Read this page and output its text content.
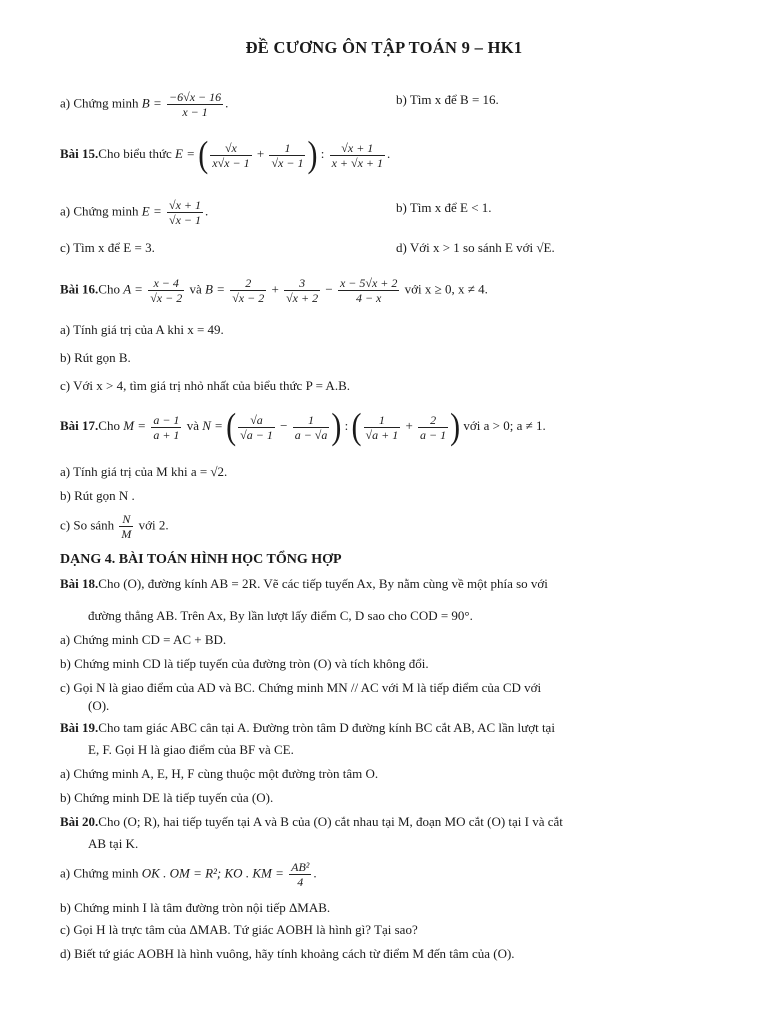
ĐỀ CƯƠNG ÔN TẬP TOÁN 9 – HK1
a) Chứng minh $B = \frac{-6√x - 16}{x - 1}$ .	b) Tìm x để B = 16.
Bài 15.Cho biểu thức E = ( $\frac{√x}{x√x - 1} + \frac{1}{√x - 1}$ ) : $\frac{√x + 1}{x + √x + 1}$ .
a) Chứng minh $E = \frac{√x + 1}{√x - 1}$ .	b) Tìm x để E < 1.
c) Tìm x để E = 3.	d) Với x > 1 so sánh E với √E.
Bài 16.Cho $A = \frac{x - 4}{√x - 2}$ và $B = \frac{2}{√x - 2} + \frac{3}{√x + 2} - \frac{x - 5√x + 2}{4 - x}$ với x ≥ 0, x ≠ 4.
a) Tính giá trị của A khi x = 49.
b) Rút gọn B.
c) Với x > 4, tìm giá trị nhỏ nhất của biểu thức P = A.B.
Bài 17.Cho $M = \frac{a - 1}{a + 1}$ và N = ( $\frac{√a}{√a - 1} - \frac{1}{a - √a}$ ) : ( $\frac{1}{√a + 1} + \frac{2}{a - 1}$ ) với a > 0; a ≠ 1.
a) Tính giá trị của M khi a = √2.
b) Rút gọn N .
c) So sánh $\frac{N}{M}$ với 2.
DẠNG 4. BÀI TOÁN HÌNH HỌC TỔNG HỢP
Bài 18.Cho (O), đường kính AB = 2R. Vẽ các tiếp tuyến Ax, By nằm cùng về một phía so với
đường thẳng AB. Trên Ax, By lần lượt lấy điểm C, D sao cho COD = 90°.
a) Chứng minh CD = AC + BD.
b) Chứng minh CD là tiếp tuyến của đường tròn (O) và tích không đổi.
c) Gọi N là giao điểm của AD và BC. Chứng minh MN // AC với M là tiếp điểm của CD với
(O).
Bài 19.Cho tam giác ABC cân tại A. Đường tròn tâm D đường kính BC cắt AB, AC lần lượt tại
E, F. Gọi H là giao điểm của BF và CE.
a) Chứng minh A, E, H, F cùng thuộc một đường tròn tâm O.
b) Chứng minh DE là tiếp tuyến của (O).
Bài 20.Cho (O; R), hai tiếp tuyến tại A và B của (O) cắt nhau tại M, đoạn MO cắt (O) tại I và cắt
AB tại K.
a) Chứng minh OK . OM = R²; KO . KM = $\frac{\text{AB²}}{4}$ .
b) Chứng minh I là tâm đường tròn nội tiếp ΔMAB.
c) Gọi H là trực tâm của ΔMAB. Tứ giác AOBH là hình gì? Tại sao?
d) Biết tứ giác AOBH là hình vuông, hãy tính khoảng cách từ điểm M đến tâm của (O).
